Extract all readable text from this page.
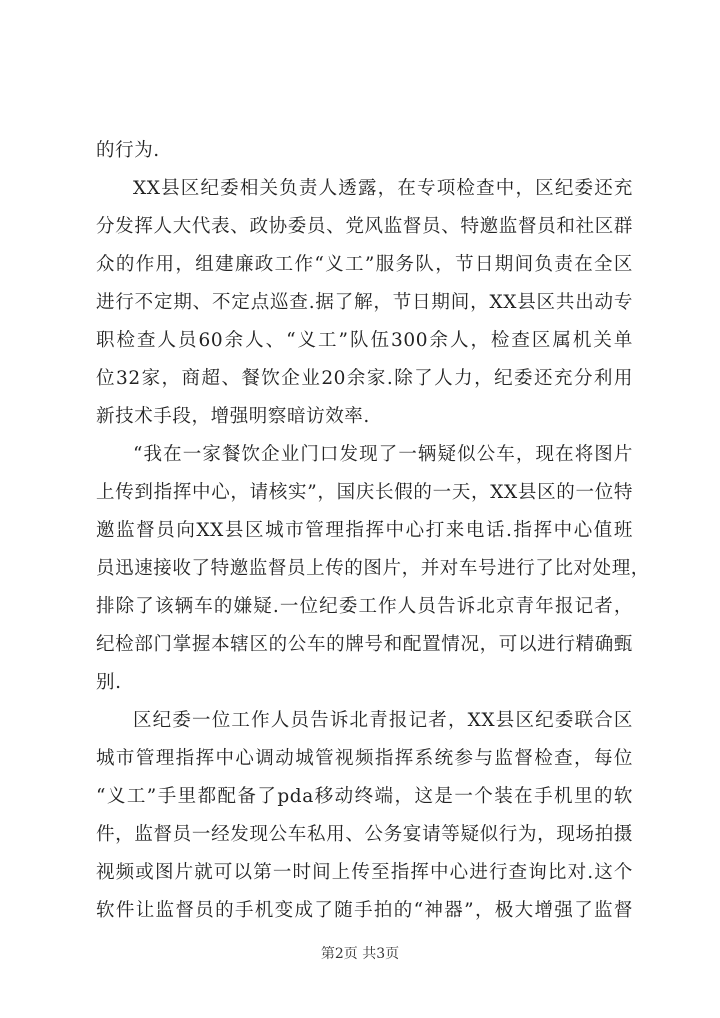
的行为.
XX县区纪委相关负责人透露，在专项检查中，区纪委还充
分发挥人大代表、政协委员、党风监督员、特邀监督员和社区群
众的作用，组建廉政工作“义工”服务队，节日期间负责在全区
进行不定期、不定点巡查.据了解，节日期间，XX县区共出动专
职检查人员60余人、“义工”队伍300余人，检查区属机关单
位32家，商超、餐饮企业20余家.除了人力，纪委还充分利用
新技术手段，增强明察暗访效率.
“我在一家餐饮企业门口发现了一辆疑似公车，现在将图片
上传到指挥中心，请核实”，国庆长假的一天，XX县区的一位特
邀监督员向XX县区城市管理指挥中心打来电话.指挥中心值班
员迅速接收了特邀监督员上传的图片，并对车号进行了比对处理，
排除了该辆车的嫌疑.一位纪委工作人员告诉北京青年报记者，
纪检部门掌握本辖区的公车的牌号和配置情况，可以进行精确甄
别.
区纪委一位工作人员告诉北青报记者，XX县区纪委联合区
城市管理指挥中心调动城管视频指挥系统参与监督检查，每位
“义工”手里都配备了pda移动终端，这是一个装在手机里的软
件，监督员一经发现公车私用、公务宴请等疑似行为，现场拍摄
视频或图片就可以第一时间上传至指挥中心进行查询比对.这个
软件让监督员的手机变成了随手拍的“神器”，极大增强了监督
第2页 共3页
